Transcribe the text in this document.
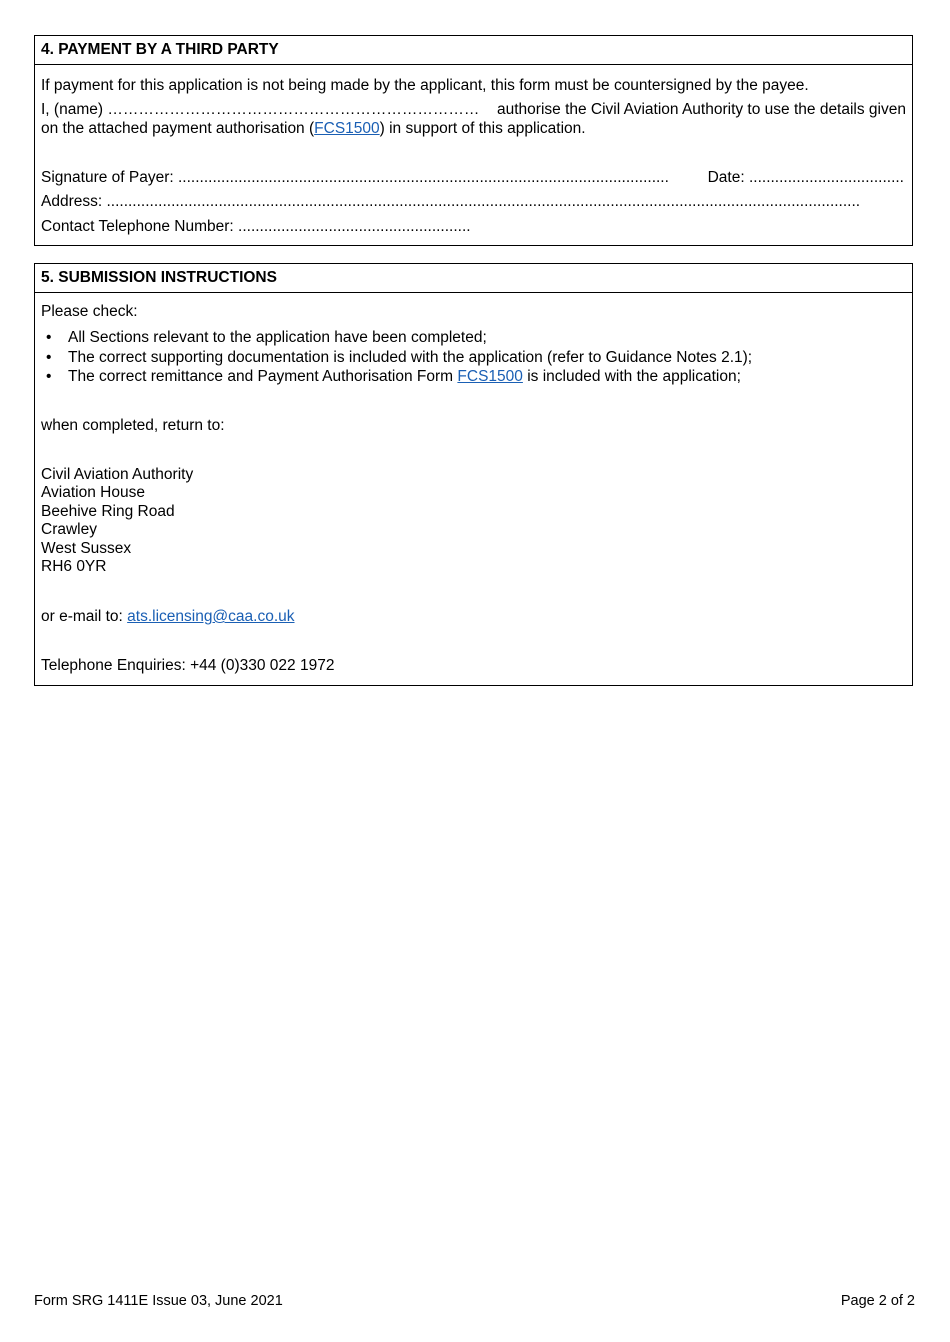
4. PAYMENT BY A THIRD PARTY
If payment for this application is not being made by the applicant, this form must be countersigned by the payee.
I, (name) ……………………………………………………………… authorise the Civil Aviation Authority to use the details given
on the attached payment authorisation (FCS1500) in support of this application.
Signature of Payer: .................................................................................................................. Date: ....................................
Address: ...............................................................................................................................................................................
Contact Telephone Number: ......................................................
5. SUBMISSION INSTRUCTIONS
Please check:
• All Sections relevant to the application have been completed;
• The correct supporting documentation is included with the application (refer to Guidance Notes 2.1);
• The correct remittance and Payment Authorisation Form FCS1500 is included with the application;
when completed, return to:
Civil Aviation Authority
Aviation House
Beehive Ring Road
Crawley
West Sussex
RH6 0YR
or e-mail to: ats.licensing@caa.co.uk
Telephone Enquiries: +44 (0)330 022 1972
Form SRG 1411E Issue 03, June 2021	Page 2 of 2
